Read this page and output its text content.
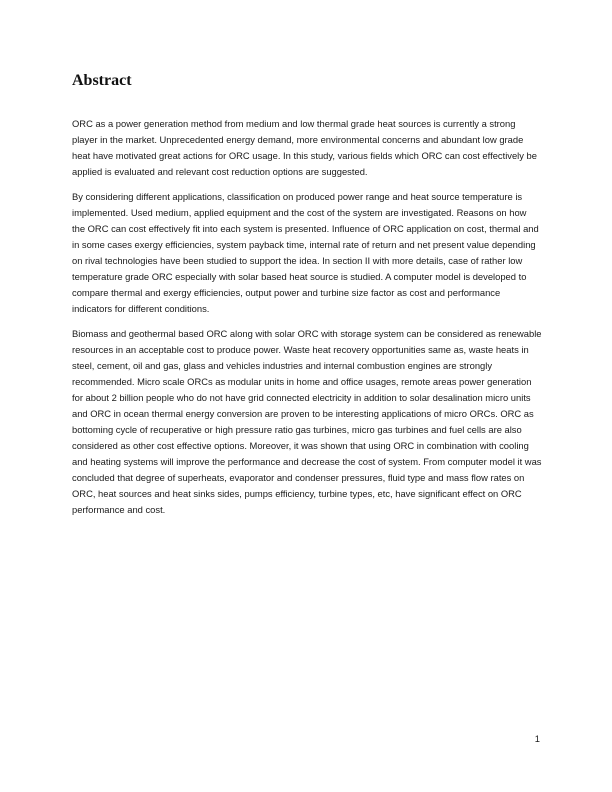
Abstract

ORC as a power generation method from medium and low thermal grade heat sources is currently a strong player in the market. Unprecedented energy demand, more environmental concerns and abundant low grade heat have motivated great actions for ORC usage. In this study, various fields which ORC can cost effectively be applied is evaluated and relevant cost reduction options are suggested.

By considering different applications, classification on produced power range and heat source temperature is implemented. Used medium, applied equipment and the cost of the system are investigated. Reasons on how the ORC can cost effectively fit into each system is presented. Influence of ORC application on cost, thermal and in some cases exergy efficiencies, system payback time, internal rate of return and net present value depending on rival technologies have been studied to support the idea. In section II with more details, case of rather low temperature grade ORC especially with solar based heat source is studied. A computer model is developed to compare thermal and exergy efficiencies, output power and turbine size factor as cost and performance indicators for different conditions.

Biomass and geothermal based ORC along with solar ORC with storage system can be considered as renewable resources in an acceptable cost to produce power. Waste heat recovery opportunities same as, waste heats in steel, cement, oil and gas, glass and vehicles industries and internal combustion engines are strongly recommended. Micro scale ORCs as modular units in home and office usages, remote areas power generation for about 2 billion people who do not have grid connected electricity in addition to solar desalination micro units and ORC in ocean thermal energy conversion are proven to be interesting applications of micro ORCs. ORC as bottoming cycle of recuperative or high pressure ratio gas turbines, micro gas turbines and fuel cells are also considered as other cost effective options. Moreover, it was shown that using ORC in combination with cooling and heating systems will improve the performance and decrease the cost of system. From computer model it was concluded that degree of superheats, evaporator and condenser pressures, fluid type and mass flow rates on ORC, heat sources and heat sinks sides, pumps efficiency, turbine types, etc, have significant effect on ORC performance and cost.

1
